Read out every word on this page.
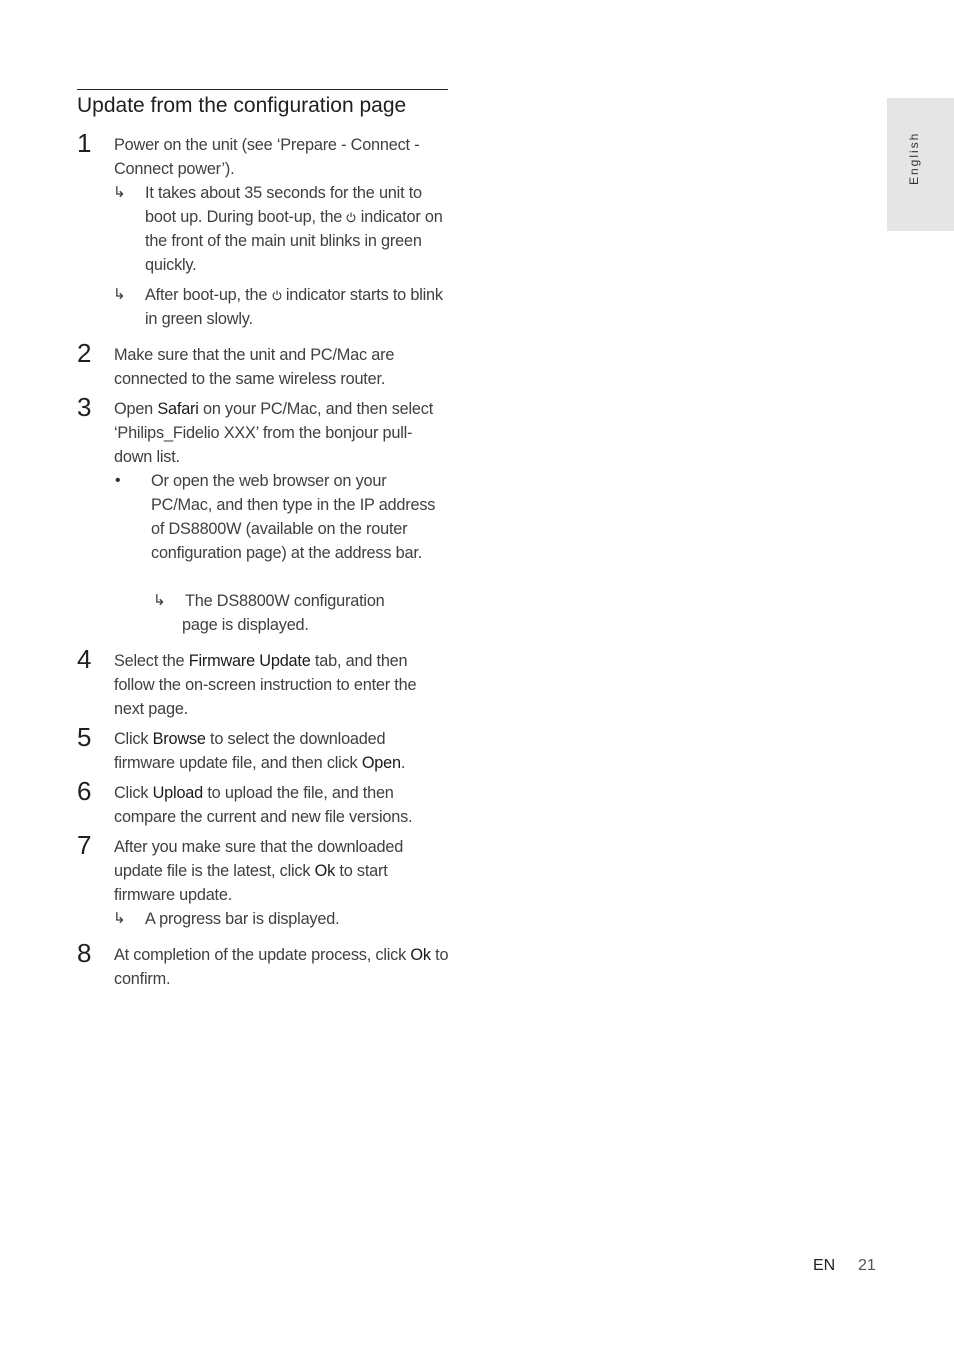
Update from the configuration page
1 Power on the unit (see ‘Prepare - Connect - Connect power’).
↳ It takes about 35 seconds for the unit to boot up. During boot-up, the  indicator on the front of the main unit blinks in green quickly.
↳ After boot-up, the  indicator starts to blink in green slowly.
2 Make sure that the unit and PC/Mac are connected to the same wireless router.
3 Open Safari on your PC/Mac, and then select ‘Philips_Fidelio XXX’ from the bonjour pull-down list.
• Or open the web browser on your PC/Mac, and then type in the IP address of DS8800W (available on the router configuration page) at the address bar.
↳ The DS8800W configuration page is displayed.
4 Select the Firmware Update tab, and then follow the on-screen instruction to enter the next page.
5 Click Browse to select the downloaded firmware update file, and then click Open.
6 Click Upload to upload the file, and then compare the current and new file versions.
7 After you make sure that the downloaded update file is the latest, click Ok to start firmware update.
↳ A progress bar is displayed.
8 At completion of the update process, click Ok to confirm.
English
EN 21
